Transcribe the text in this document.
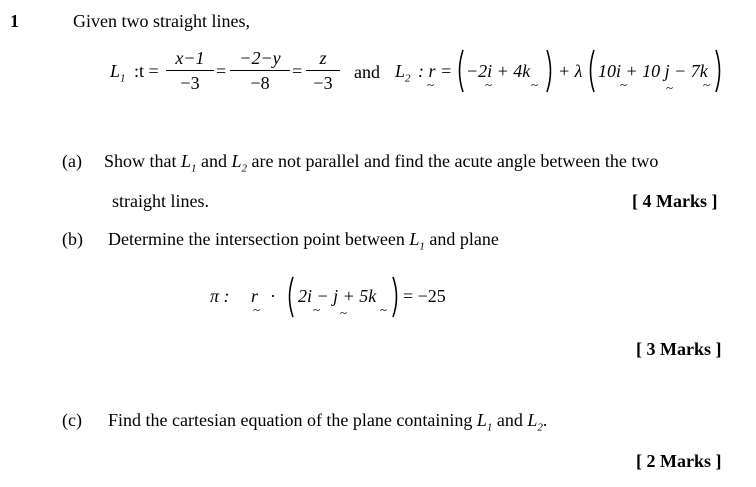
1	Given two straight lines,
$L_1$ :t =
x−1
−3
=
−2−y
−8
=
z
−3
and $L_2$ : r = −2i + 4k + λ 10i + 10 j − 7k
~	~	~	~	~ ~
(a) Show that $L_1$ and $L_2$ are not parallel and find the acute angle between the two
straight lines.	[ 4 Marks ]
(b) Determine the intersection point between $L_1$ and plane
π : r · 2i − j + 5k = −25
~	~ ~	~
[ 3 Marks ]
(c) Find the cartesian equation of the plane containing $L_1$ and $L_2$.
[ 2 Marks ]
